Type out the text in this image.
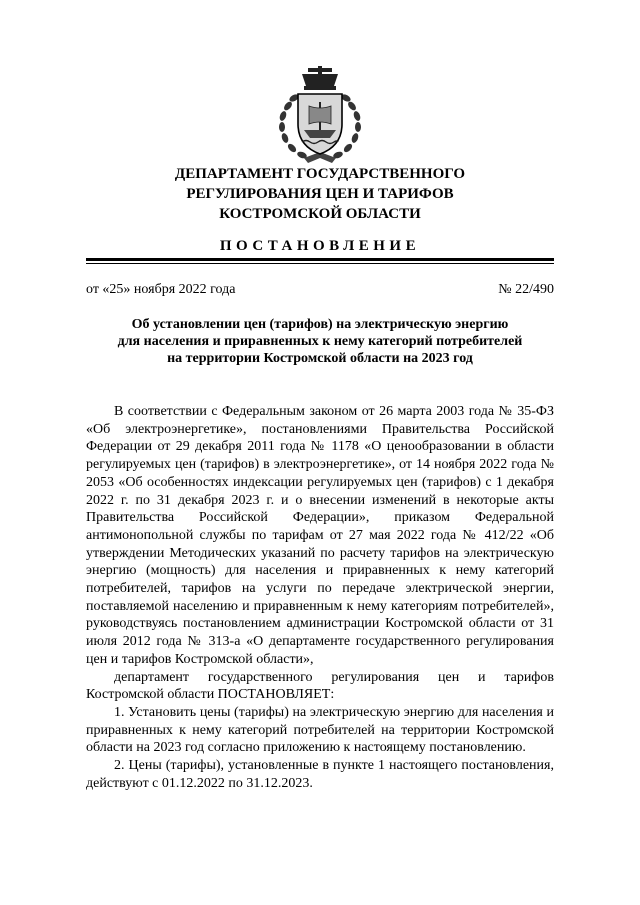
ДЕПАРТАМЕНТ ГОСУДАРСТВЕННОГО
РЕГУЛИРОВАНИЯ ЦЕН И ТАРИФОВ
КОСТРОМСКОЙ ОБЛАСТИ
ПОСТАНОВЛЕНИЕ
от «25» ноября 2022 года	№ 22/490
Об установлении цен (тарифов) на электрическую энергию
для населения и приравненных к нему категорий потребителей
на территории Костромской области на 2023 год

В соответствии с Федеральным законом от 26 марта 2003 года № 35-ФЗ «Об электроэнергетике», постановлениями Правительства Российской Федерации от 29 декабря 2011 года № 1178 «О ценообразовании в области регулируемых цен (тарифов) в электроэнергетике», от 14 ноября 2022 года № 2053 «Об особенностях индексации регулируемых цен (тарифов) с 1 декабря 2022 г. по 31 декабря 2023 г. и о внесении изменений в некоторые акты Правительства Российской Федерации», приказом Федеральной антимонопольной службы по тарифам от 27 мая 2022 года № 412/22 «Об утверждении Методических указаний по расчету тарифов на электрическую энергию (мощность) для населения и приравненных к нему категорий потребителей, тарифов на услуги по передаче электрической энергии, поставляемой населению и приравненным к нему категориям потребителей», руководствуясь постановлением администрации Костромской области от 31 июля 2012 года № 313-а «О департаменте государственного регулирования цен и тарифов Костромской области»,

департамент государственного регулирования цен и тарифов Костромской области ПОСТАНОВЛЯЕТ:

1. Установить цены (тарифы) на электрическую энергию для населения и приравненных к нему категорий потребителей на территории Костромской области на 2023 год согласно приложению к настоящему постановлению.

2. Цены (тарифы), установленные в пункте 1 настоящего постановления, действуют с 01.12.2022 по 31.12.2023.
